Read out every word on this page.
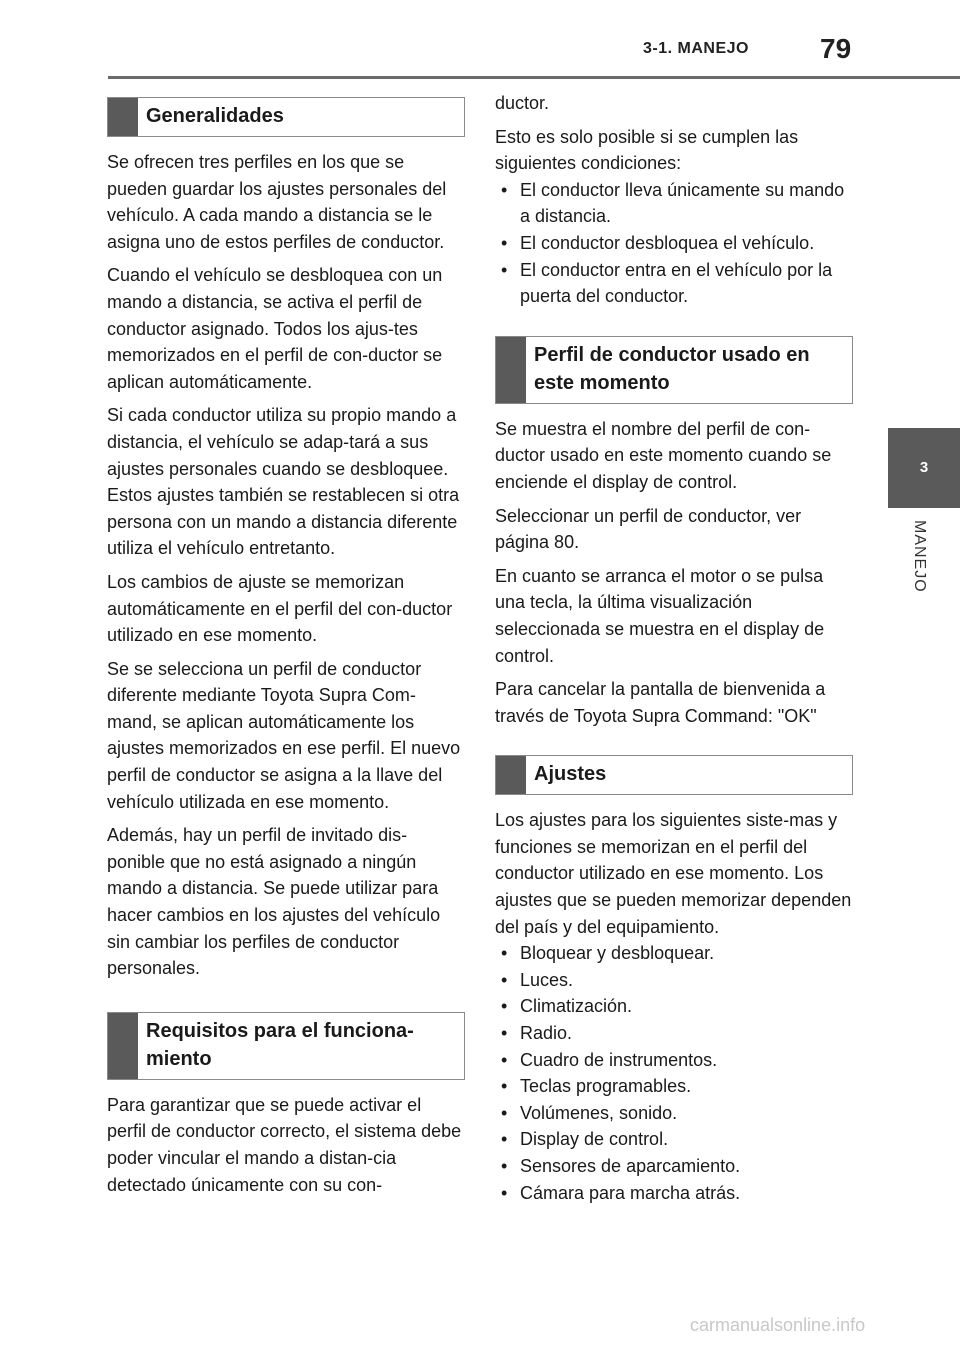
3-1. MANEJO	79
3
MANEJO
Generalidades

Se ofrecen tres perfiles en los que se pueden guardar los ajustes personales del vehículo. A cada mando a distancia se le asigna uno de estos perfiles de conductor.

Cuando el vehículo se desbloquea con un mando a distancia, se activa el perfil de conductor asignado. Todos los ajus-tes memorizados en el perfil de con-ductor se aplican automáticamente.

Si cada conductor utiliza su propio mando a distancia, el vehículo se adap-tará a sus ajustes personales cuando se desbloquee. Estos ajustes también se restablecen si otra persona con un mando a distancia diferente utiliza el vehículo entretanto.

Los cambios de ajuste se memorizan automáticamente en el perfil del con-ductor utilizado en ese momento.

Se se selecciona un perfil de conductor diferente mediante Toyota Supra Com-mand, se aplican automáticamente los ajustes memorizados en ese perfil. El nuevo perfil de conductor se asigna a la llave del vehículo utilizada en ese momento.

Además, hay un perfil de invitado dis-ponible que no está asignado a ningún mando a distancia. Se puede utilizar para hacer cambios en los ajustes del vehículo sin cambiar los perfiles de conductor personales.

Requisitos para el funciona-miento

Para garantizar que se puede activar el perfil de conductor correcto, el sistema debe poder vincular el mando a distan-cia detectado únicamente con su con-

ductor.

Esto es solo posible si se cumplen las siguientes condiciones:

• El conductor lleva únicamente su mando a distancia.
• El conductor desbloquea el vehículo.
• El conductor entra en el vehículo por la puerta del conductor.
Perfil de conductor usado en este momento

Se muestra el nombre del perfil de con-ductor usado en este momento cuando se enciende el display de control.

Seleccionar un perfil de conductor, ver página 80.

En cuanto se arranca el motor o se pulsa una tecla, la última visualización seleccionada se muestra en el display de control.

Para cancelar la pantalla de bienvenida a través de Toyota Supra Command: "OK"

Ajustes

Los ajustes para los siguientes siste-mas y funciones se memorizan en el perfil del conductor utilizado en ese momento. Los ajustes que se pueden memorizar dependen del país y del equipamiento.

• Bloquear y desbloquear.
• Luces.
• Climatización.
• Radio.
• Cuadro de instrumentos.
• Teclas programables.
• Volúmenes, sonido.
• Display de control.
• Sensores de aparcamiento.
• Cámara para marcha atrás.
carmanualsonline.info
